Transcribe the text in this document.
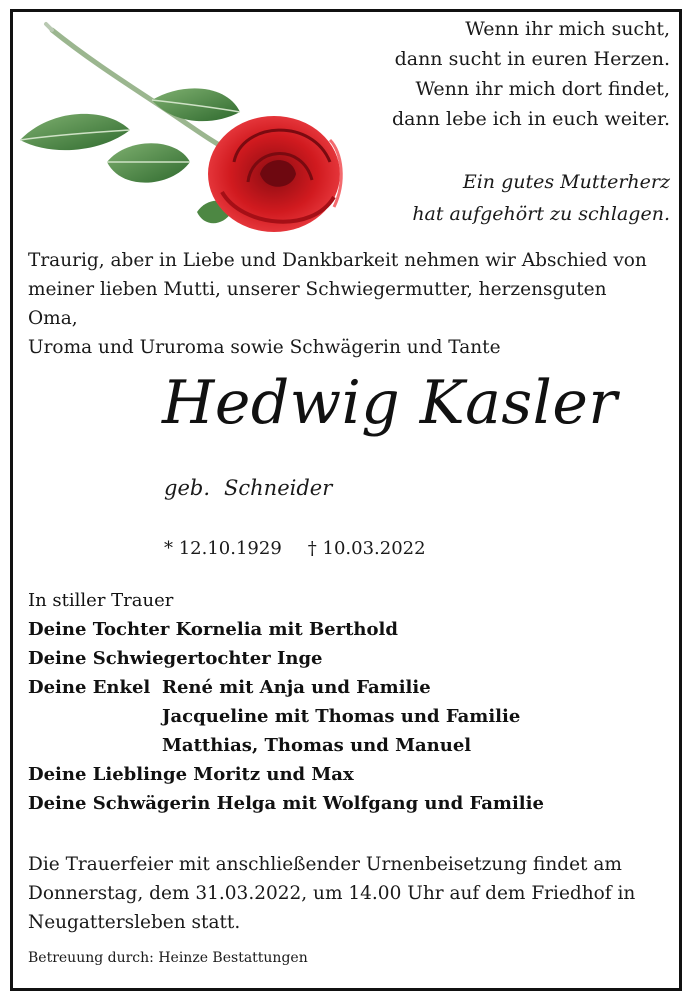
Wenn ihr mich sucht,
dann sucht in euren Herzen.
Wenn ihr mich dort findet,
dann lebe ich in euch weiter.
Ein gutes Mutterherz
hat aufgehört zu schlagen.
Traurig, aber in Liebe und Dankbarkeit nehmen wir Abschied von
meiner lieben Mutti, unserer Schwiegermutter, herzensguten Oma,
Uroma und Ururoma sowie Schwägerin und Tante
Hedwig Kasler
geb. Schneider
* 12.10.1929 † 10.03.2022
In stiller Trauer
Deine Tochter Kornelia mit Berthold
Deine Schwiegertochter Inge
Deine Enkel René mit Anja und Familie
Jacqueline mit Thomas und Familie
Matthias, Thomas und Manuel
Deine Lieblinge Moritz und Max
Deine Schwägerin Helga mit Wolfgang und Familie
Die Trauerfeier mit anschließender Urnenbeisetzung findet am
Donnerstag, dem 31.03.2022, um 14.00 Uhr auf dem Friedhof in
Neugattersleben statt.
Betreuung durch: Heinze Bestattungen
